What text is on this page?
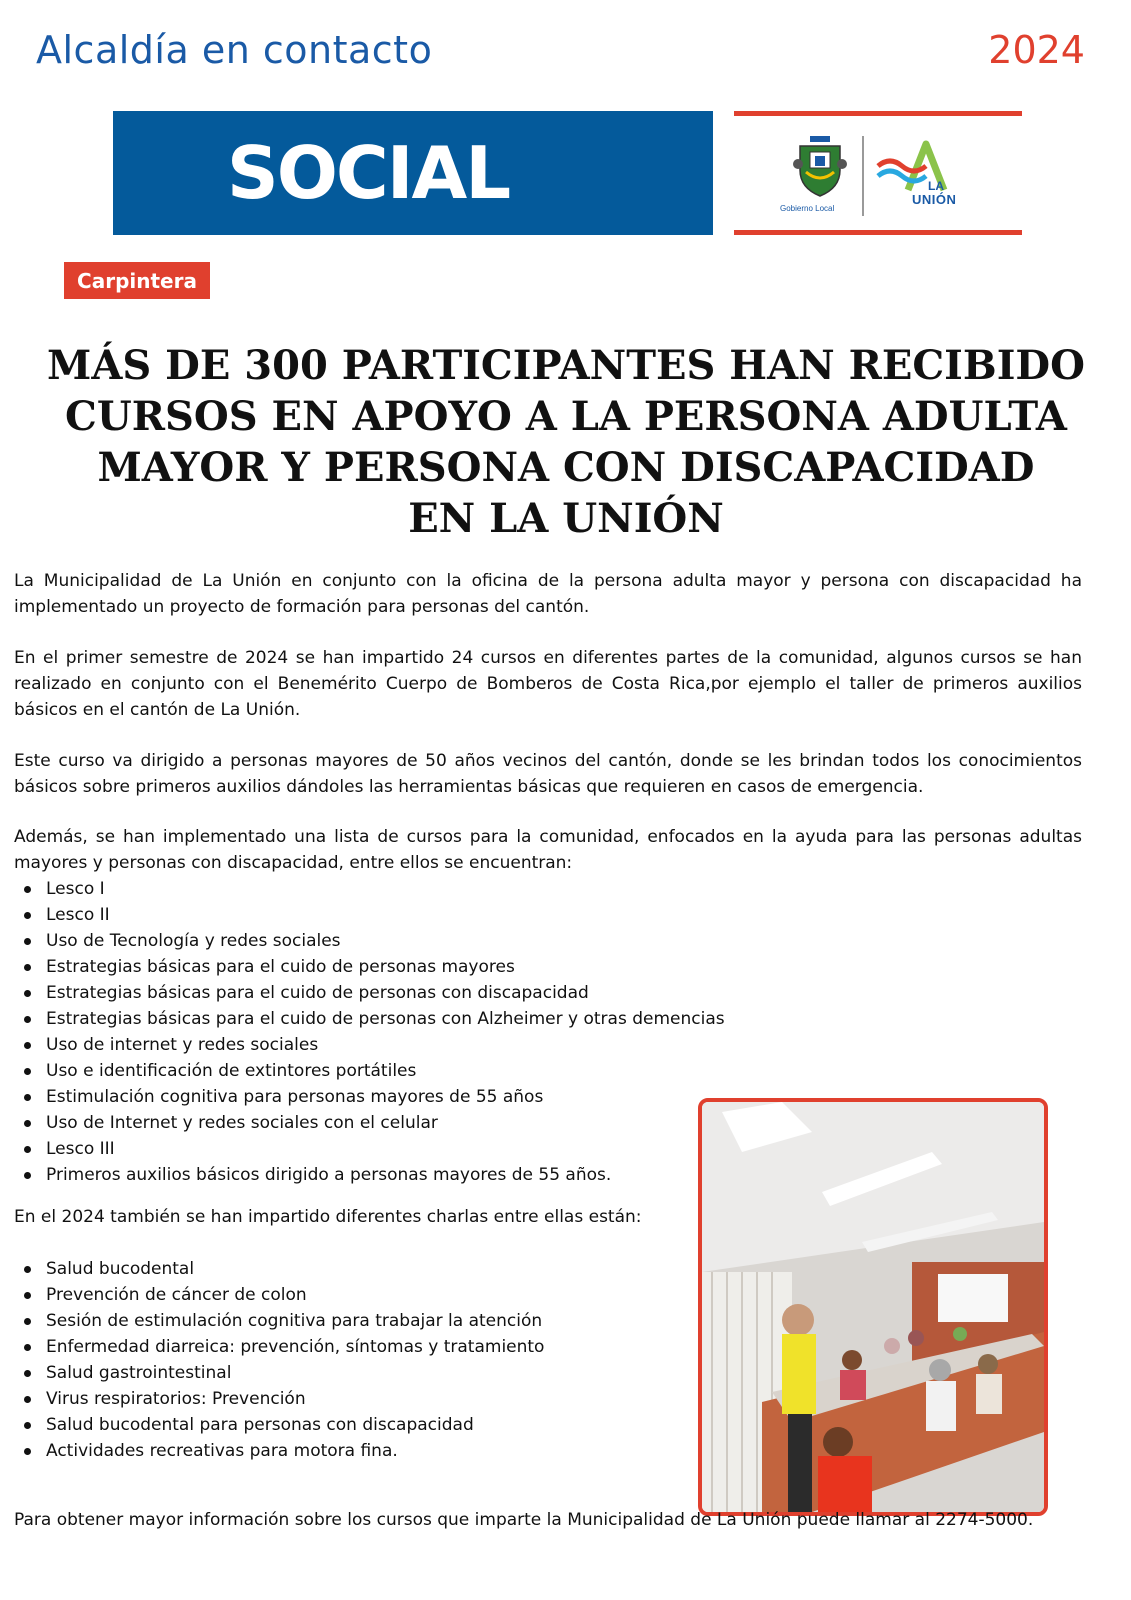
Alcaldía en contacto	2024
SOCIAL	Gobierno Local
LA
UNIÓN
Carpintera
MÁS DE 300 PARTICIPANTES HAN RECIBIDO
CURSOS EN APOYO A LA PERSONA ADULTA
MAYOR Y PERSONA CON DISCAPACIDAD
EN LA UNIÓN

La Municipalidad de La Unión en conjunto con la oficina de la persona adulta mayor y persona con discapacidad ha implementado un proyecto de formación para personas del cantón.

En el primer semestre de 2024 se han impartido 24 cursos en diferentes partes de la comunidad, algunos cursos se han realizado en conjunto con el Benemérito Cuerpo de Bomberos de Costa Rica,por ejemplo el taller de primeros auxilios básicos en el cantón de La Unión.

Este curso va dirigido a personas mayores de 50 años vecinos del cantón, donde se les brindan todos los conocimientos básicos sobre primeros auxilios dándoles las herramientas básicas que requieren en casos de emergencia.

Además, se han implementado una lista de cursos para la comunidad, enfocados en la ayuda para las personas adultas mayores y personas con discapacidad, entre ellos se encuentran:

Lesco I
Lesco II
Uso de Tecnología y redes sociales
Estrategias básicas para el cuido de personas mayores
Estrategias básicas para el cuido de personas con discapacidad
Estrategias básicas para el cuido de personas con Alzheimer y otras demencias
Uso de internet y redes sociales
Uso e identificación de extintores portátiles
Estimulación cognitiva para personas mayores de 55 años
Uso de Internet y redes sociales con el celular
Lesco III
Primeros auxilios básicos dirigido a personas mayores de 55 años.

En el 2024 también se han impartido diferentes charlas entre ellas están:

Salud bucodental
Prevención de cáncer de colon
Sesión de estimulación cognitiva para trabajar la atención
Enfermedad diarreica: prevención, síntomas y tratamiento
Salud gastrointestinal
Virus respiratorios: Prevención
Salud bucodental para personas con discapacidad
Actividades recreativas para motora fina.

Para obtener mayor información sobre los cursos que imparte la Municipalidad de La Unión puede llamar al 2274-5000.
